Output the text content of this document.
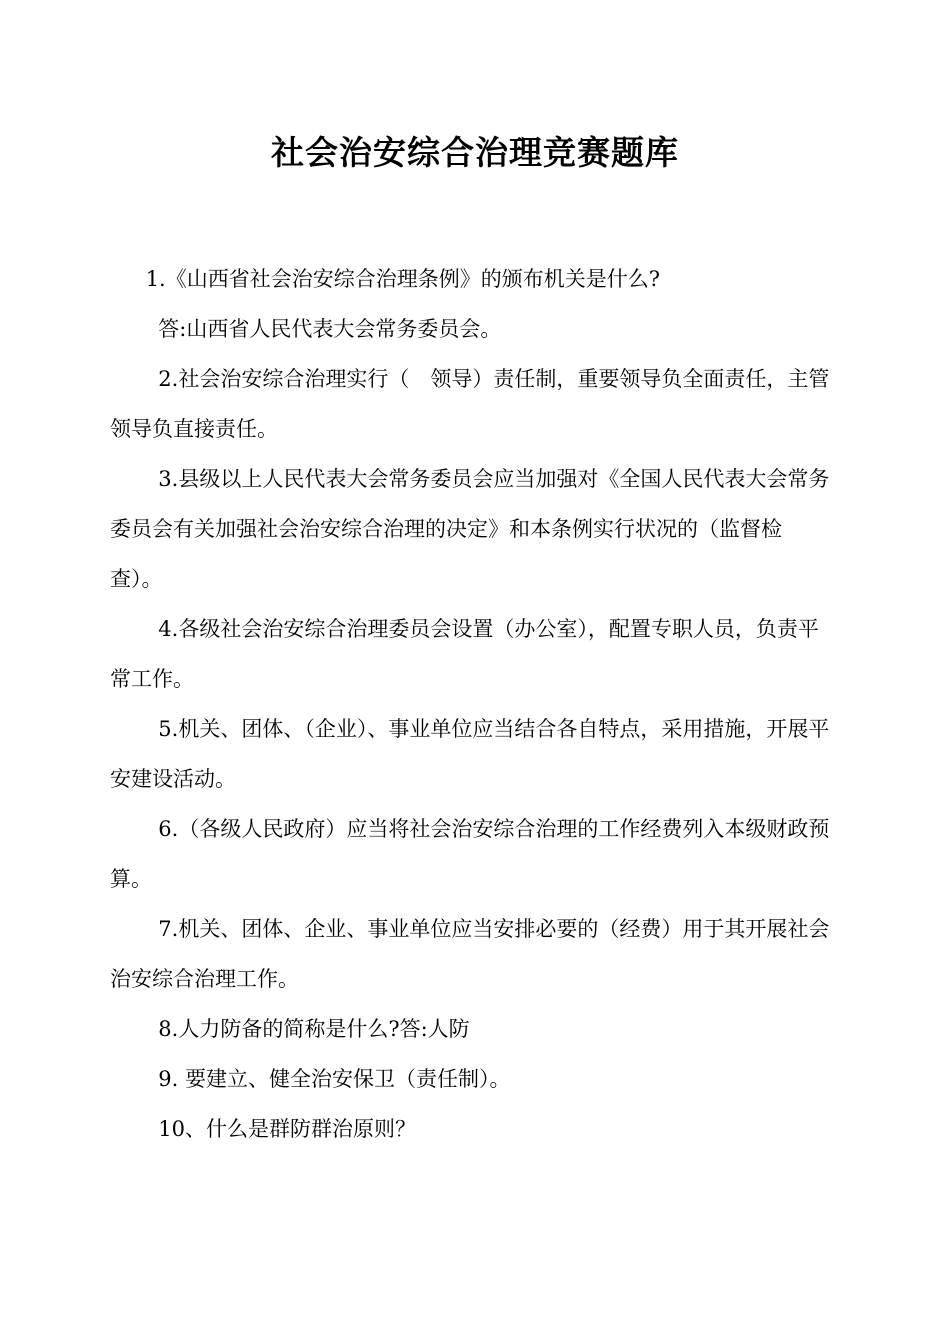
社会治安综合治理竞赛题库

1.《山西省社会治安综合治理条例》的颁布机关是什么?

答:山西省人民代表大会常务委员会。

2.社会治安综合治理实行（　领导）责任制，重要领导负全面责任，主管领导负直接责任。

3.县级以上人民代表大会常务委员会应当加强对《全国人民代表大会常务委员会有关加强社会治安综合治理的决定》和本条例实行状况的（监督检查）。

4.各级社会治安综合治理委员会设置（办公室），配置专职人员，负责平常工作。

5.机关、团体、（企业）、事业单位应当结合各自特点，采用措施，开展平安建设活动。

6.（各级人民政府）应当将社会治安综合治理的工作经费列入本级财政预算。

7.机关、团体、企业、事业单位应当安排必要的（经费）用于其开展社会治安综合治理工作。

8.人力防备的简称是什么?答:人防

9. 要建立、健全治安保卫（责任制）。

10、什么是群防群治原则？
